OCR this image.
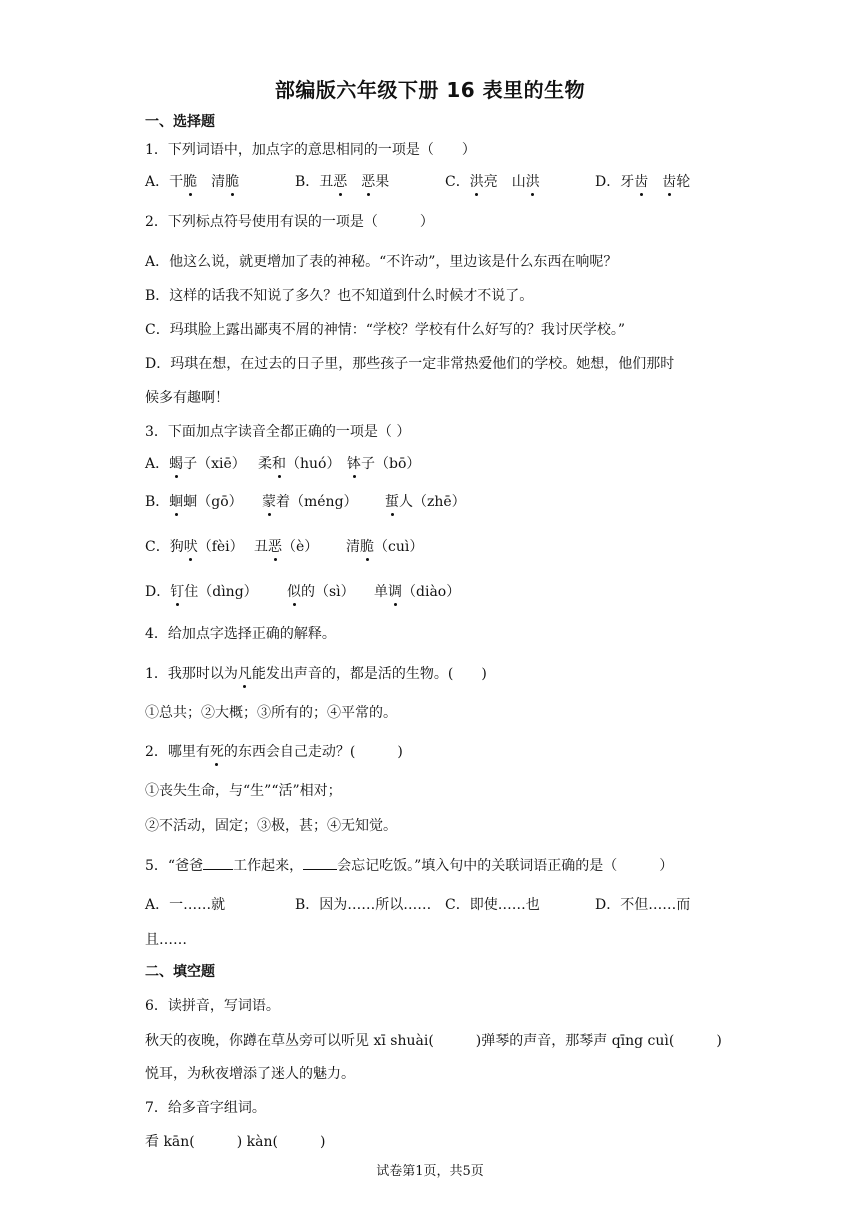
部编版六年级下册 16 表里的生物
一、选择题
1．下列词语中，加点字的意思相同的一项是（　　）
A．干脆　清脆	B．丑恶　 恶果	C．洪亮　山洪	D．牙齿　 齿轮
2．下列标点符号使用有误的一项是（　　　）
A．他这么说，就更增加了表的神秘。“不许动”，里边该是什么东西在响呢？
B．这样的话我不知说了多久？也不知道到什么时候才不说了。
C．玛琪脸上露出鄙夷不屑的神情：“学校？学校有什么好写的？我讨厌学校。”
D．玛琪在想，在过去的日子里，那些孩子一定非常热爱他们的学校。她想，他们那时
候多有趣啊！
3．下面加点字读音全都正确的一项是（ ）
A．蝎子（xiē） 柔和（huó） 钵子（bō）
B．蛔蛔（gō） 蒙着（méng） 蜇人（zhē）
C．狗吠（fèi） 丑恶（è） 清脆（cuì）
D．钉住（dìng） 似的（sì） 单调（diào）
4．给加点字选择正确的解释。
1．我那时以为凡能发出声音的，都是活的生物。(　　)
①总共；②大概；③所有的；④平常的。
2．哪里有死的东西会自己走动？(　　　)
①丧失生命，与“生”“活”相对；
②不活动，固定；③极，甚；④无知觉。
5．“爸爸 工作起来， 会忘记吃饭。”填入句中的关联词语正确的是（　　　）
A．一……就	B．因为……所以…… C．即使……也	D．不但……而
且……
二、填空题
6．读拼音，写词语。
秋天的夜晚，你蹲在草丛旁可以听见 xī shuài(　　　)弹琴的声音，那琴声 qīng cuì(　　　)
悦耳，为秋夜增添了迷人的魅力。
7．给多音字组词。
看 kān(　　　) kàn(　　　)
试卷第1页，共5页
